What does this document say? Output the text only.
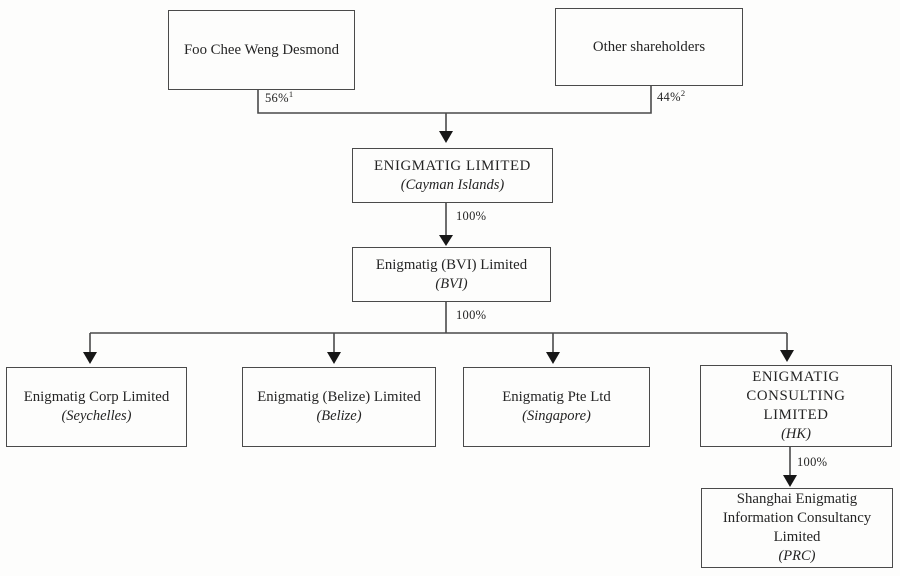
Foo Chee Weng Desmond	Other shareholders
56%$^1$	44%$^2$
100%
100%
100%
ENIGMATIG LIMITED
(Cayman Islands)
Enigmatig (BVI) Limited
(BVI)
Enigmatig Corp Limited
(Seychelles)
Enigmatig (Belize) Limited
(Belize)
Enigmatig Pte Ltd
(Singapore)
ENIGMATIG CONSULTING LIMITED
(HK)
Shanghai Enigmatig Information Consultancy Limited
(PRC)
